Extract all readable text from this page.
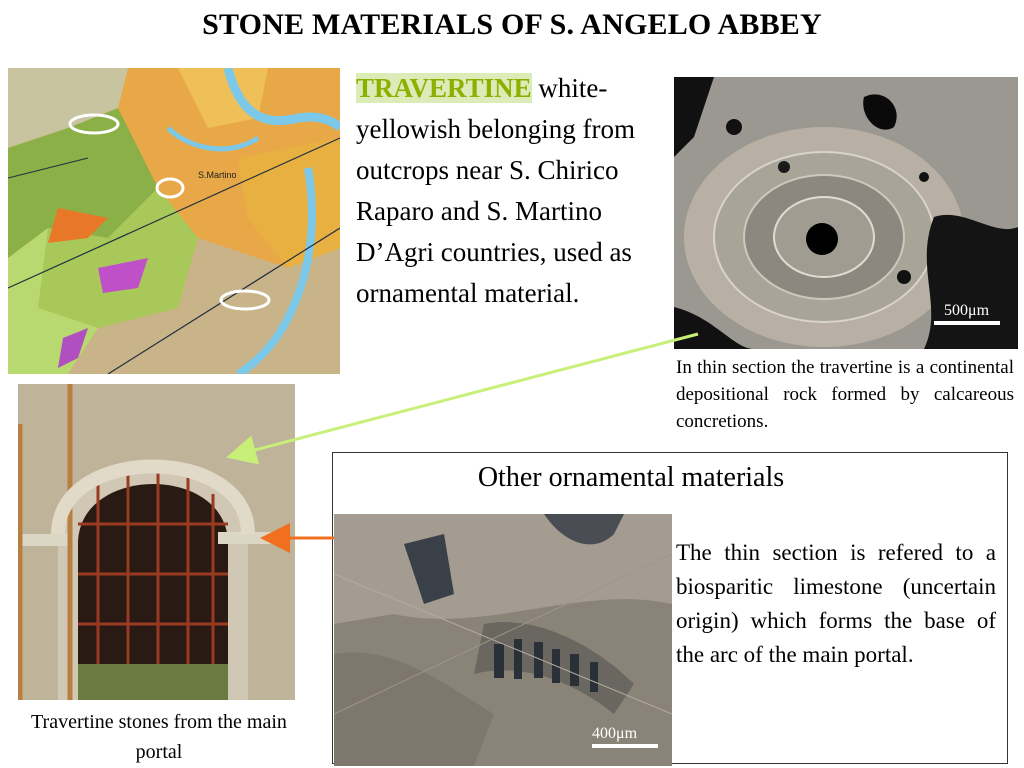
STONE MATERIALS OF S. ANGELO ABBEY
S.Martino
TRAVERTINE white-yellowish belonging from outcrops near S. Chirico Raparo and S. Martino D’Agri countries, used as ornamental material.
500μm
In thin section the travertine is a continental depositional rock formed by calcareous concretions.
Travertine stones from the main portal
Other ornamental materials
400μm
The thin section is refered to a biosparitic limestone (uncertain origin) which forms the base of the arc of the main portal.
